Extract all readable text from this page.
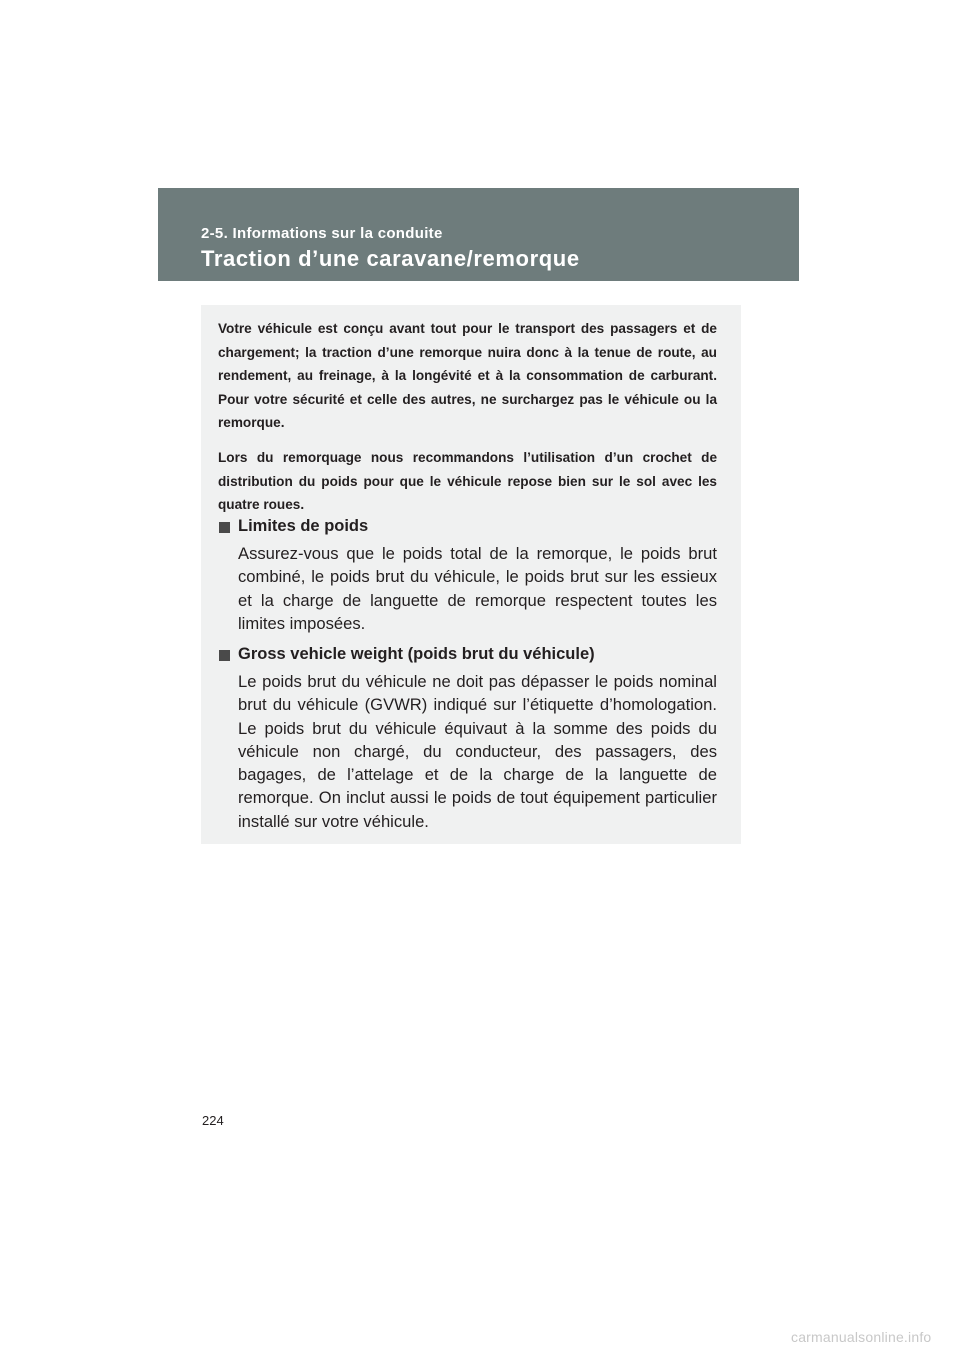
2-5. Informations sur la conduite
Traction d’une caravane/remorque

Votre véhicule est conçu avant tout pour le transport des passagers et de chargement; la traction d’une remorque nuira donc à la tenue de route, au rendement, au freinage, à la longévité et à la consommation de carburant. Pour votre sécurité et celle des autres, ne surchargez pas le véhicule ou la remorque.

Lors du remorquage nous recommandons l’utilisation d’un crochet de distribution du poids pour que le véhicule repose bien sur le sol avec les quatre roues.

Limites de poids

Assurez-vous que le poids total de la remorque, le poids brut combiné, le poids brut du véhicule, le poids brut sur les essieux et la charge de languette de remorque respectent toutes les limites imposées.

Gross vehicle weight (poids brut du véhicule)

Le poids brut du véhicule ne doit pas dépasser le poids nominal brut du véhicule (GVWR) indiqué sur l’étiquette d’homologation. Le poids brut du véhicule équivaut à la somme des poids du véhicule non chargé, du conducteur, des passagers, des bagages, de l’attelage et de la charge de la languette de remorque. On inclut aussi le poids de tout équipement particulier installé sur votre véhicule.

224
carmanualsonline.info
